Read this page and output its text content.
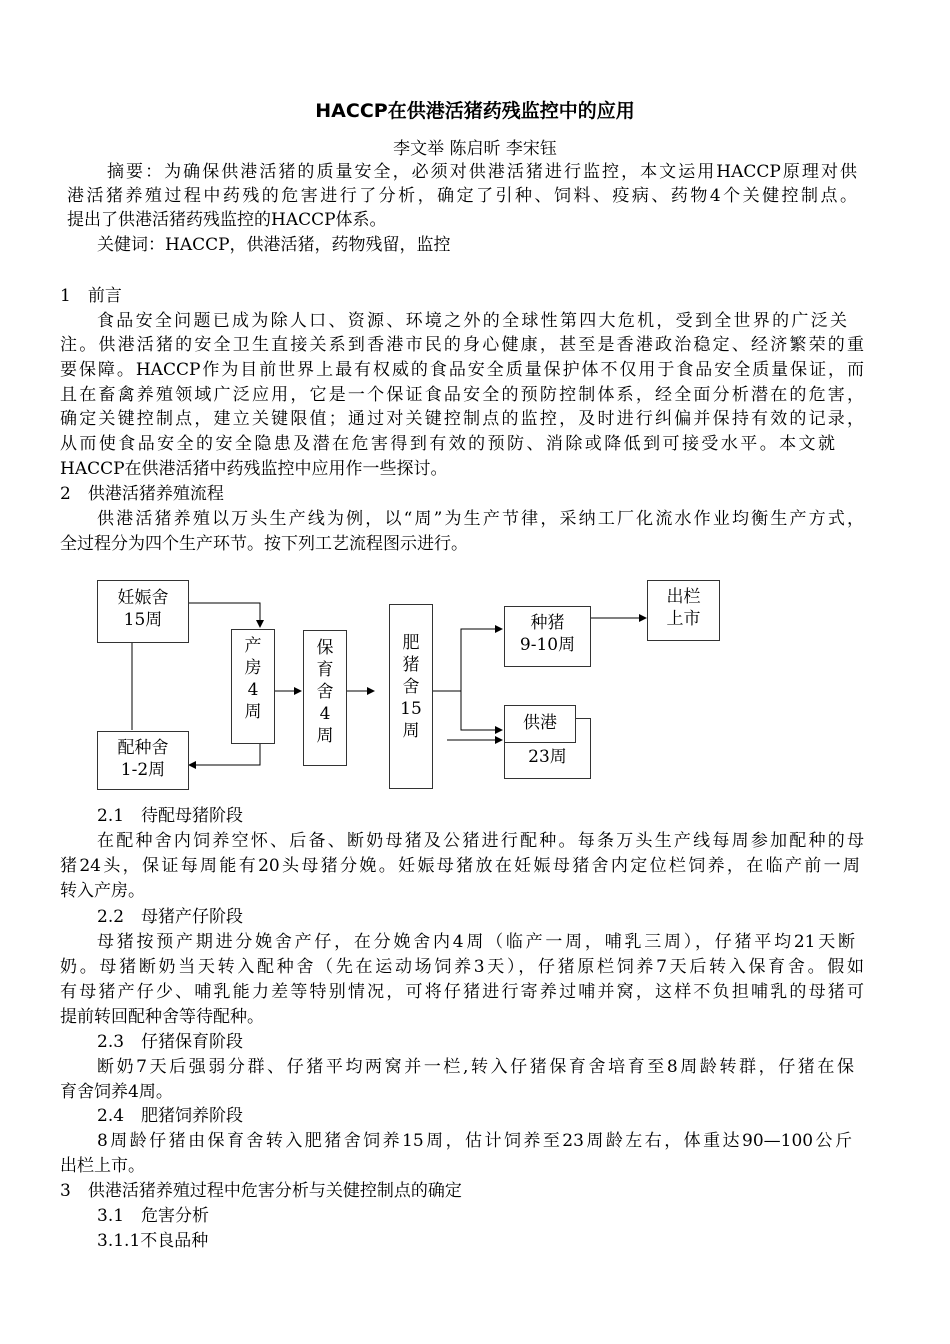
HACCP在供港活猪药残监控中的应用
李文举 陈启昕 李宋钰
摘要：为确保供港活猪的质量安全，必须对供港活猪进行监控，本文运用HACCP原理对供
港活猪养殖过程中药残的危害进行了分析，确定了引种、饲料、疫病、药物4个关健控制点。
提出了供港活猪药残监控的HACCP体系。
关健词：HACCP，供港活猪，药物残留，监控
1　前言
食品安全问题已成为除人口、资源、环境之外的全球性第四大危机，受到全世界的广泛关
注。供港活猪的安全卫生直接关系到香港市民的身心健康，甚至是香港政治稳定、经济繁荣的重
要保障。HACCP作为目前世界上最有权威的食品安全质量保护体不仅用于食品安全质量保证，而
且在畜禽养殖领域广泛应用，它是一个保证食品安全的预防控制体系，经全面分析潜在的危害，
确定关键控制点，建立关键限值；通过对关键控制点的监控，及时进行纠偏并保持有效的记录，
从而使食品安全的安全隐患及潜在危害得到有效的预防、消除或降低到可接受水平。本文就
HACCP在供港活猪中药残监控中应用作一些探讨。
2　供港活猪养殖流程
供港活猪养殖以万头生产线为例，以“周”为生产节律，采纳工厂化流水作业均衡生产方式，
全过程分为四个生产环节。按下列工艺流程图示进行。
妊娠舍
15周
产
房
4
周
保
育
舍
4
周
肥
猪
舍
15
周
配种舍
1-2周
种猪
9-10周
出栏
上市
23周
供港
2.1　待配母猪阶段
在配种舍内饲养空怀、后备、断奶母猪及公猪进行配种。每条万头生产线每周参加配种的母
猪24头，保证每周能有20头母猪分娩。妊娠母猪放在妊娠母猪舍内定位栏饲养，在临产前一周
转入产房。
2.2　母猪产仔阶段
母猪按预产期进分娩舍产仔，在分娩舍内4周（临产一周，哺乳三周），仔猪平均21天断
奶。母猪断奶当天转入配种舍（先在运动场饲养3天），仔猪原栏饲养7天后转入保育舍。假如
有母猪产仔少、哺乳能力差等特别情况，可将仔猪进行寄养过哺并窝，这样不负担哺乳的母猪可
提前转回配种舍等待配种。
2.3　仔猪保育阶段
断奶7天后强弱分群、仔猪平均两窝并一栏,转入仔猪保育舍培育至8周龄转群，仔猪在保
育舍饲养4周。
2.4　肥猪饲养阶段
8周龄仔猪由保育舍转入肥猪舍饲养15周，估计饲养至23周龄左右，体重达90—100公斤
出栏上市。
3　供港活猪养殖过程中危害分析与关健控制点的确定
3.1　危害分析
3.1.1不良品种
